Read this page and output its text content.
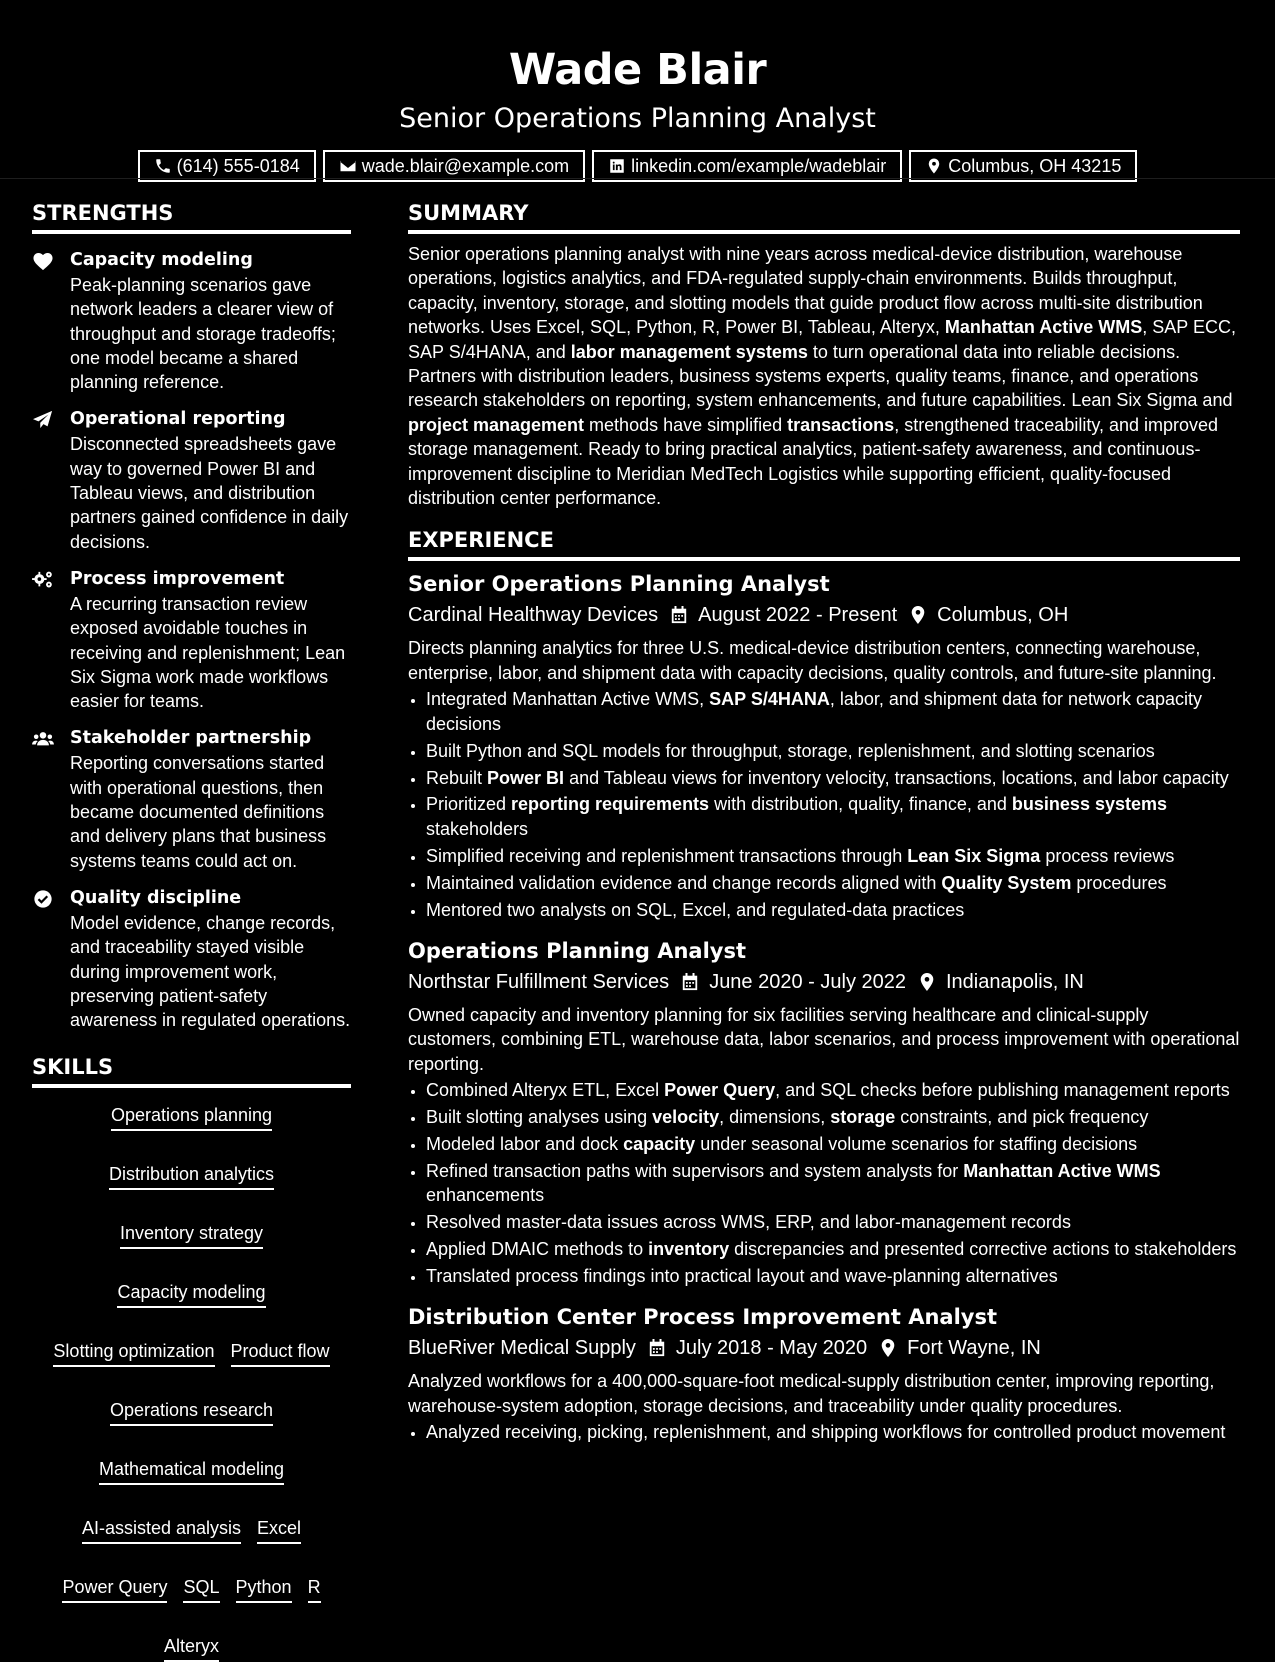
Wade Blair
Senior Operations Planning Analyst
(614) 555-0184	wade.blair@example.com	linkedin.com/example/wadeblair	Columbus, OH 43215
STRENGTHS
Capacity modeling
Peak-planning scenarios gave network leaders a clearer view of throughput and storage tradeoffs; one model became a shared planning reference.
Operational reporting
Disconnected spreadsheets gave way to governed Power BI and Tableau views, and distribution partners gained confidence in daily decisions.
Process improvement
A recurring transaction review exposed avoidable touches in receiving and replenishment; Lean Six Sigma work made workflows easier for teams.
Stakeholder partnership
Reporting conversations started with operational questions, then became documented definitions and delivery plans that business systems teams could act on.
Quality discipline
Model evidence, change records, and traceability stayed visible during improvement work, preserving patient-safety awareness in regulated operations.
SKILLS
Operations planning
Distribution analytics
Inventory strategy
Capacity modeling
Slotting optimization Product flow
Operations research
Mathematical modeling
AI-assisted analysis Excel
Power Query SQL Python R
Alteryx
SUMMARY

Senior operations planning analyst with nine years across medical-device distribution, warehouse operations, logistics analytics, and FDA-regulated supply-chain environments. Builds throughput, capacity, inventory, storage, and slotting models that guide product flow across multi-site distribution networks. Uses Excel, SQL, Python, R, Power BI, Tableau, Alteryx, Manhattan Active WMS, SAP ECC, SAP S/4HANA, and labor management systems to turn operational data into reliable decisions. Partners with distribution leaders, business systems experts, quality teams, finance, and operations research stakeholders on reporting, system enhancements, and future capabilities. Lean Six Sigma and project management methods have simplified transactions, strengthened traceability, and improved storage management. Ready to bring practical analytics, patient-safety awareness, and continuous-improvement discipline to Meridian MedTech Logistics while supporting efficient, quality-focused distribution center performance.

EXPERIENCE
Senior Operations Planning Analyst
Cardinal Healthway Devices August 2022 - Present Columbus, OH
Directs planning analytics for three U.S. medical-device distribution centers, connecting warehouse, enterprise, labor, and shipment data with capacity decisions, quality controls, and future-site planning.
• Integrated Manhattan Active WMS, SAP S/4HANA, labor, and shipment data for network capacity decisions
• Built Python and SQL models for throughput, storage, replenishment, and slotting scenarios
• Rebuilt Power BI and Tableau views for inventory velocity, transactions, locations, and labor capacity
• Prioritized reporting requirements with distribution, quality, finance, and business systems stakeholders
• Simplified receiving and replenishment transactions through Lean Six Sigma process reviews
• Maintained validation evidence and change records aligned with Quality System procedures
• Mentored two analysts on SQL, Excel, and regulated-data practices
Operations Planning Analyst
Northstar Fulfillment Services June 2020 - July 2022 Indianapolis, IN
Owned capacity and inventory planning for six facilities serving healthcare and clinical-supply customers, combining ETL, warehouse data, labor scenarios, and process improvement with operational reporting.
• Combined Alteryx ETL, Excel Power Query, and SQL checks before publishing management reports
• Built slotting analyses using velocity, dimensions, storage constraints, and pick frequency
• Modeled labor and dock capacity under seasonal volume scenarios for staffing decisions
• Refined transaction paths with supervisors and system analysts for Manhattan Active WMS enhancements
• Resolved master-data issues across WMS, ERP, and labor-management records
• Applied DMAIC methods to inventory discrepancies and presented corrective actions to stakeholders
• Translated process findings into practical layout and wave-planning alternatives
Distribution Center Process Improvement Analyst
BlueRiver Medical Supply July 2018 - May 2020 Fort Wayne, IN
Analyzed workflows for a 400,000-square-foot medical-supply distribution center, improving reporting, warehouse-system adoption, storage decisions, and traceability under quality procedures.
• Analyzed receiving, picking, replenishment, and shipping workflows for controlled product movement
